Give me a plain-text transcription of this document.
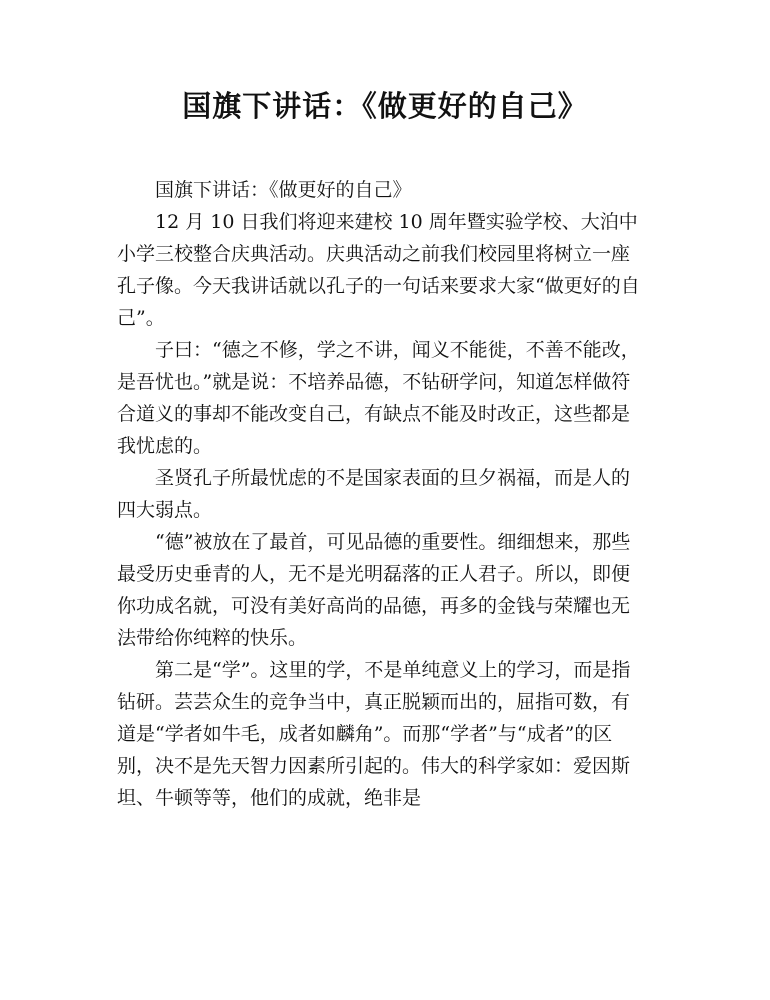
国旗下讲话：《做更好的自己》

国旗下讲话：《做更好的自己》

12 月 10 日我们将迎来建校 10 周年暨实验学校、大泊中小学三校整合庆典活动。庆典活动之前我们校园里将树立一座孔子像。今天我讲话就以孔子的一句话来要求大家“做更好的自己”。

子曰：“德之不修，学之不讲，闻义不能徙，不善不能改，是吾忧也。”就是说：不培养品德，不钻研学问，知道怎样做符合道义的事却不能改变自己，有缺点不能及时改正，这些都是我忧虑的。

圣贤孔子所最忧虑的不是国家表面的旦夕祸福，而是人的四大弱点。

“德”被放在了最首，可见品德的重要性。细细想来，那些最受历史垂青的人，无不是光明磊落的正人君子。所以，即便你功成名就，可没有美好高尚的品德，再多的金钱与荣耀也无法带给你纯粹的快乐。

第二是“学”。这里的学，不是单纯意义上的学习，而是指钻研。芸芸众生的竞争当中，真正脱颖而出的，屈指可数，有道是“学者如牛毛，成者如麟角”。而那“学者”与“成者”的区别，决不是先天智力因素所引起的。伟大的科学家如：爱因斯坦、牛顿等等，他们的成就，绝非是
